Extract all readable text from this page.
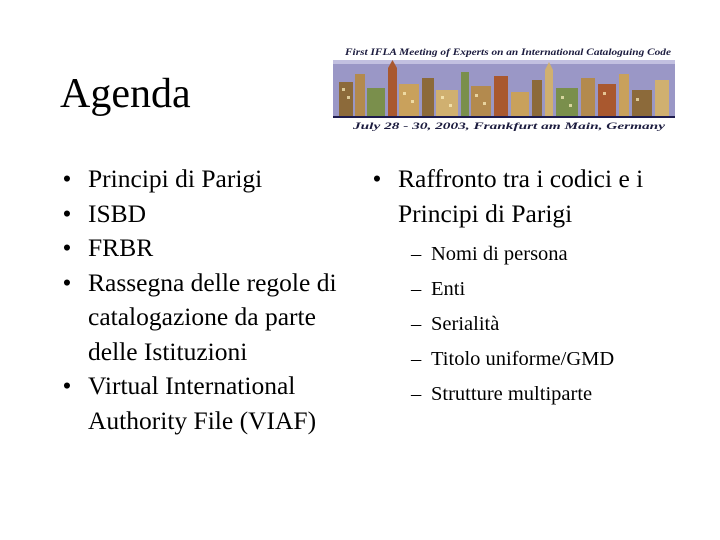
Agenda
First IFLA Meeting of Experts on an International Cataloguing Code
July 28 - 30, 2003, Frankfurt am Main, Germany
• Principi di Parigi
• ISBD
• FRBR
• Rassegna delle regole di catalogazione da parte delle Istituzioni
• Virtual International Authority File (VIAF)
• Raffronto tra i codici e i Principi di Parigi
– Nomi di persona
– Enti
– Serialità
– Titolo uniforme/GMD
– Strutture multiparte
